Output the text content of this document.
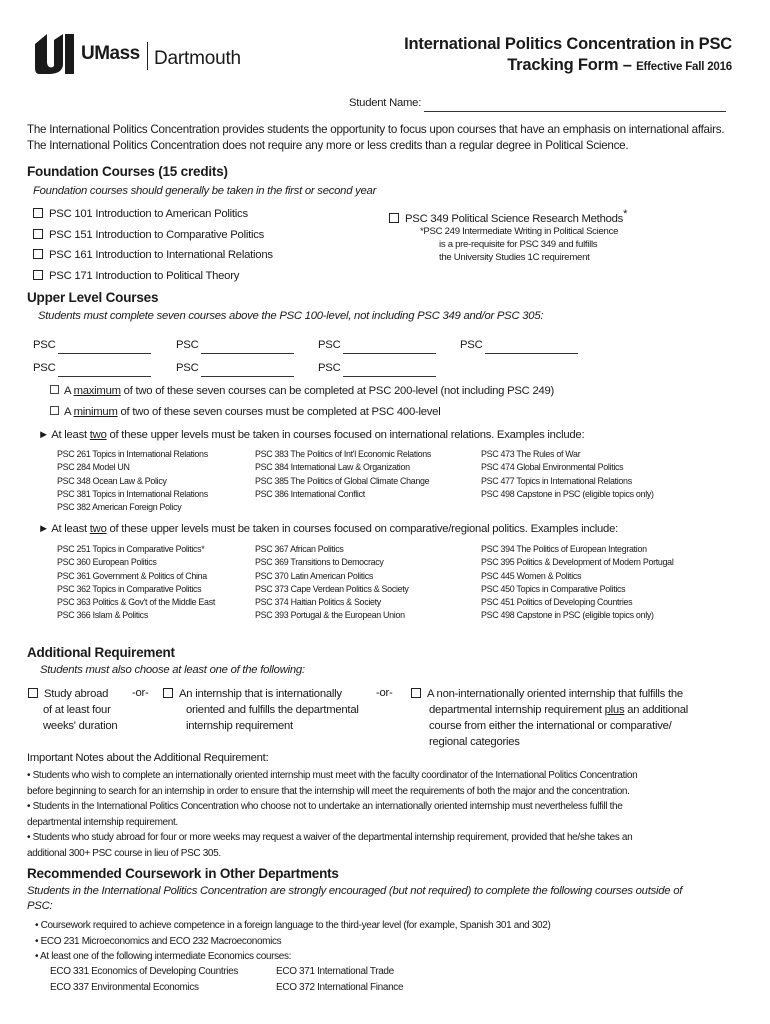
UMass Dartmouth
International Politics Concentration in PSC
Tracking Form – Effective Fall 2016
Student Name:
The International Politics Concentration provides students the opportunity to focus upon courses that have an emphasis on international affairs.
The International Politics Concentration does not require any more or less credits than a regular degree in Political Science.
Foundation Courses (15 credits)
Foundation courses should generally be taken in the first or second year
PSC 101 Introduction to American Politics
PSC 151 Introduction to Comparative Politics
PSC 161 Introduction to International Relations
PSC 171 Introduction to Political Theory
PSC 349 Political Science Research Methods*
*PSC 249 Intermediate Writing in Political Science
is a pre-requisite for PSC 349 and fulfills
the University Studies 1C requirement
Upper Level Courses
Students must complete seven courses above the PSC 100-level, not including PSC 349 and/or PSC 305:
PSC	PSC	PSC	PSC
PSC	PSC	PSC
A maximum of two of these seven courses can be completed at PSC 200-level (not including PSC 249)
A minimum of two of these seven courses must be completed at PSC 400-level
► At least two of these upper levels must be taken in courses focused on international relations. Examples include:
PSC 261 Topics in International Relations
PSC 284 Model UN
PSC 348 Ocean Law & Policy
PSC 381 Topics in International Relations
PSC 382 American Foreign Policy
PSC 383 The Politics of Int'l Economic Relations
PSC 384 International Law & Organization
PSC 385 The Politics of Global Climate Change
PSC 386 International Conflict
PSC 473 The Rules of War
PSC 474 Global Environmental Politics
PSC 477 Topics in International Relations
PSC 498 Capstone in PSC (eligible topics only)
► At least two of these upper levels must be taken in courses focused on comparative/regional politics. Examples include:
PSC 251 Topics in Comparative Politics*
PSC 360 European Politics
PSC 361 Government & Politics of China
PSC 362 Topics in Comparative Politics
PSC 363 Politics & Gov't of the Middle East
PSC 366 Islam & Politics
PSC 367 African Politics
PSC 369 Transitions to Democracy
PSC 370 Latin American Politics
PSC 373 Cape Verdean Politics & Society
PSC 374 Haitian Politics & Society
PSC 393 Portugal & the European Union
PSC 394 The Politics of European Integration
PSC 395 Politics & Development of Modern Portugal
PSC 445 Women & Politics
PSC 450 Topics in Comparative Politics
PSC 451 Politics of Developing Countries
PSC 498 Capstone in PSC (eligible topics only)
Additional Requirement
Students must also choose at least one of the following:
Study abroad
of at least four
weeks' duration
-or-	An internship that is internationally
oriented and fulfills the departmental
internship requirement
-or-	A non-internationally oriented internship that fulfills the
departmental internship requirement plus an additional
course from either the international or comparative/
regional categories
Important Notes about the Additional Requirement:
• Students who wish to complete an internationally oriented internship must meet with the faculty coordinator of the International Politics Concentration
before beginning to search for an internship in order to ensure that the internship will meet the requirements of both the major and the concentration.
• Students in the International Politics Concentration who choose not to undertake an internationally oriented internship must nevertheless fulfill the
departmental internship requirement.
• Students who study abroad for four or more weeks may request a waiver of the departmental internship requirement, provided that he/she takes an
additional 300+ PSC course in lieu of PSC 305.
Recommended Coursework in Other Departments
Students in the International Politics Concentration are strongly encouraged (but not required) to complete the following courses outside of
PSC:
• Coursework required to achieve competence in a foreign language to the third-year level (for example, Spanish 301 and 302)
• ECO 231 Microeconomics and ECO 232 Macroeconomics
• At least one of the following intermediate Economics courses:
ECO 331 Economics of Developing Countries
ECO 337 Environmental Economics
ECO 371 International Trade
ECO 372 International Finance
